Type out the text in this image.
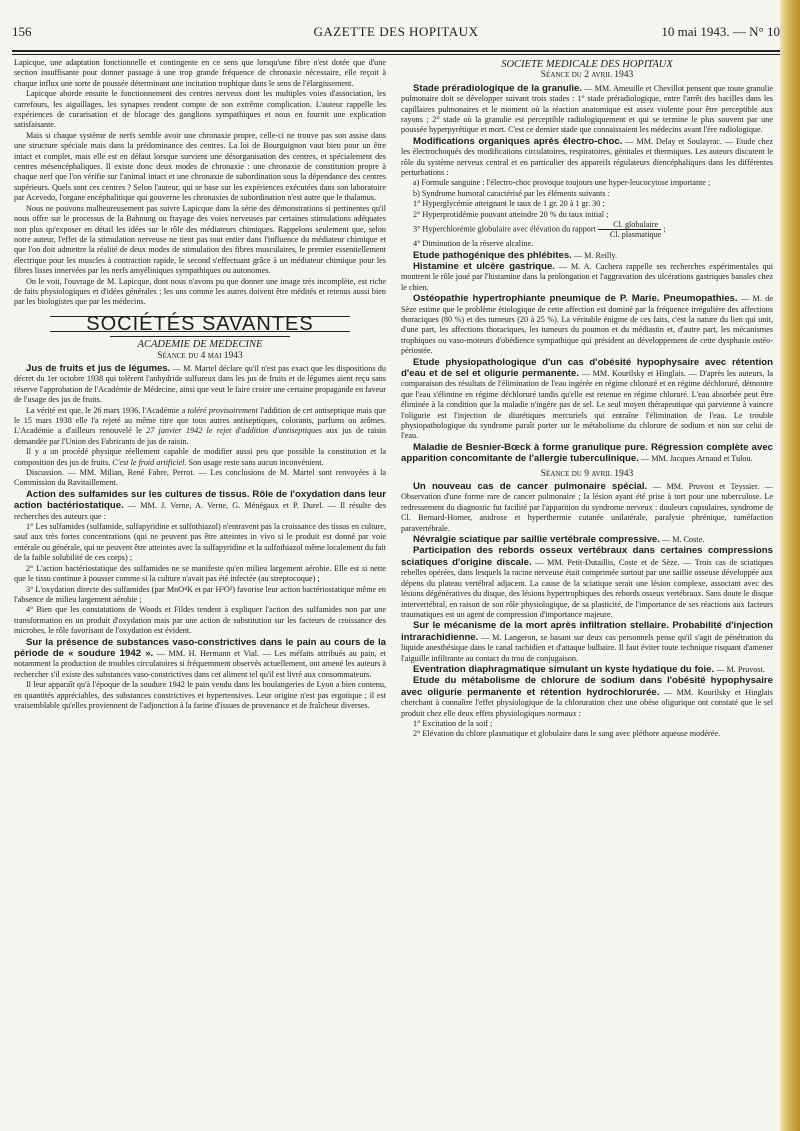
156	GAZETTE DES HOPITAUX	10 mai 1943. — N° 10

Lapicque, une adaptation fonctionnelle et contingente en ce sens que lorsqu'une fibre n'est dotée que d'une section insuffisante pour donner passage à une trop grande fréquence de chronaxie nécessaire, elle reçoit à chaque influx une sorte de poussée déterminant une incitation trophique dans le sens de l'élargissement.

Lapicque aborde ensuite le fonctionnement des centres nerveux dont les multiples voies d'association, les carrefours, les aiguillages, les synapses rendent compte de son extrême complication. L'auteur rappelle les expériences de curarisation et de blocage des ganglions sympathiques et nous en fournit une explication satisfaisante.

Mais si chaque système de nerfs semble avoir une chronaxie propre, celle-ci ne trouve pas son assise dans une structure spéciale mais dans la prédominance des centres. La loi de Bourguignon vaut bien pour un être intact et complet, mais elle est en défaut lorsque survient une désorganisation des centres, et spécialement des centres mésencéphaliques. Il existe donc deux modes de chronaxie : une chronaxie de constitution propre à chaque nerf que l'on vérifie sur l'animal intact et une chronaxie de subordination sous la dépendance des centres supérieurs. Quels sont ces centres ? Selon l'auteur, qui se base sur les expériences exécutées dans son laboratoire par Acevedo, l'organe encéphalitique qui gouverne les chronaxies de subordination n'est autre que le thalamus.

Nous ne pouvons malheureusement pas suivre Lapicque dans la série des démonstrations si pertinentes qu'il nous offre sur le processus de la Bahnung ou frayage des voies nerveuses par certaines stimulations adéquates non plus qu'exposer en détail les idées sur le rôle des médiateurs chimiques. Rappelons seulement que, selon notre auteur, l'effet de la stimulation nerveuse ne tient pas tout entier dans l'influence du médiateur chimique et que l'on doit admettre la réalité de deux modes de stimulation des fibres musculaires, le premier essentiellement électrique pour les muscles à contraction rapide, le second s'effectuant grâce à un médiateur chimique pour les fibres lisses innervées par les nerfs amyéliniques sympathiques ou autonomes.

On le voit, l'ouvrage de M. Lapicque, dont nous n'avons pu que donner une image très incomplète, est riche de faits physiologiques et d'idées générales ; les uns comme les autres doivent être médités et retenus aussi bien par les biologistes que par les médecins.

SOCIÉTÉS SAVANTES
ACADEMIE DE MEDECINE
Séance du 4 mai 1943

Jus de fruits et jus de légumes. — M. Martel déclare qu'il n'est pas exact que les dispositions du décret du 1er octobre 1938 qui tolèrent l'anhydride sulfureux dans les jus de fruits et de légumes aient reçu sans réserve l'approbation de l'Académie de Médecine, ainsi que veut le faire croire une certaine propagande en faveur de l'usage des jus de fruits.

La vérité est que, le 26 mars 1936, l'Académie a toléré provisoirement l'addition de cet antiseptique mais que le 15 mars 1938 elle l'a rejeté au même titre que tous autres antiseptiques, colorants, parfums ou arômes. L'Académie a d'ailleurs renouvelé le 27 janvier 1942 le rejet d'addition d'antiseptiques aux jus de raisin demandée par l'Union des Fabricants de jus de raisin.

Il y a un procédé physique réellement capable de modifier aussi peu que possible la constitution et la composition des jus de fruits. C'est le froid artificiel. Son usage reste sans aucun inconvénient.

Discussion. — MM. Milian, René Fabre, Perrot. — Les conclusions de M. Martel sont renvoyées à la Commission du Ravitaillement.

Action des sulfamides sur les cultures de tissus. Rôle de l'oxydation dans leur action bactériostatique. — MM. J. Verne, A. Verne, G. Ménégaux et P. Durel. — Il résulte des recherches des auteurs que :

1° Les sulfamides (sulfamide, sulfapyridine et sulfothiazol) n'entravent pas la croissance des tissus en culture, sauf aux très fortes concentrations (qui ne peuvent pas être atteintes in vivo si le produit est donné par voie entérale ou générale, qui ne peuvent être atteintes avec la sulfapyridine et la sulfothiazol même localement du fait de la faible solubilité de ces corps) ;

2° L'action bactériostatique des sulfamides ne se manifeste qu'en milieu largement aérobie. Elle est si nette que le tissu continue à pousser comme si la culture n'avait pas été infectée (au streptocoque) ;

3° L'oxydation directe des sulfamides (par MnO⁴K et par H²O²) favorise leur action bactériostatique même en l'absence de milieu largement aérobie ;

4° Bien que les constatations de Woods et Fildes tendent à expliquer l'action des sulfamides non par une transformation en un produit d'oxydation mais par une action de substitution sur les facteurs de croissance des microbes, le rôle favorisant de l'oxydation est évident.

Sur la présence de substances vaso-constrictives dans le pain au cours de la période de « soudure 1942 ». — MM. H. Hermann et Vial. — Les méfaits attribués au pain, et notamment la production de troubles circulatoires si fréquemment observés actuellement, ont amené les auteurs à rechercher s'il existe des substances vaso-constrictives dans cet aliment tel qu'il est livré aux consommateurs.

Il leur apparaît qu'à l'époque de la soudure 1942 le pain vendu dans les boulangeries de Lyon a bien contenu, en quantités appréciables, des substances constrictives et hypertensives. Leur origine n'est pas ergotique ; il est vraisemblable qu'elles proviennent de l'adjonction à la farine d'issues de provenance et de fraîcheur diverses.

SOCIETE MEDICALE DES HOPITAUX
Séance du 2 avril 1943

Stade préradiologique de la granulie. — MM. Ameuille et Chevillot pensent que toute granulie pulmonaire doit se développer suivant trois stades : 1° stade préradiologique, entre l'arrêt des bacilles dans les capillaires pulmonaires et le moment où la réaction anatomique est assez violente pour être perceptible aux rayons ; 2° stade où la granulie est perceptible radiologiquement et qui se termine le plus souvent par une poussée hyperpyrétique et mort. C'est ce dernier stade que connaissaient les médecins avant l'ère radiologique.

Modifications organiques après électro-choc. — MM. Delay et Soulayrac. — Etude chez les électrochoqués des modifications circulatoires, respiratoires, génitales et thermiques. Les auteurs discutent le rôle du système nerveux central et en particulier des appareils régulateurs diencéphaliques dans les différentes perturbations :

a) Formule sanguine : l'électro-choc provoque toujours une hyper-leucocytose importante ;

b) Syndrome humoral caractérisé par les éléments suivants :

1° Hyperglycémie atteignant le taux de 1 gr. 20 à 1 gr. 30 ;

2° Hyperprotidémie pouvant atteindre 20 % du taux initial ;

3° Hyperchlorémie globulaire avec élévation du rapport $\frac{\text{Cl. globulaire}}{\text{Cl. plasmatique}}$ ;

4° Diminution de la réserve alcaline.

Etude pathogénique des phlébites. — M. Reilly.

Histamine et ulcère gastrique. — M. A. Cachera rappelle ses recherches expérimentales qui montrent le rôle joué par l'histamine dans la prolongation et l'aggravation des ulcérations gastriques banales chez le chien.

Ostéopathie hypertrophiante pneumique de P. Marie. Pneumopathies. — M. de Sèze estime que le problème étiologique de cette affection est dominé par la fréquence irrégulière des affections thoraciques (80 %) et des tumeurs (20 à 25 %). La véritable énigme de ces faits, c'est la nature du lien qui unit, d'une part, les affections thoraciques, les tumeurs du poumon et du médiastin et, d'autre part, les mécanismes trophiques ou vaso-moteurs d'obédience sympathique qui président au développement de cette dysphasie ostéo-périostée.

Etude physiopathologique d'un cas d'obésité hypophysaire avec rétention d'eau et de sel et oligurie permanente. — MM. Kourilsky et Hinglais. — D'après les auteurs, la comparaison des résultats de l'élimination de l'eau ingérée en régime chloruré et en régime déchloruré, démontre que l'eau s'élimine en régime déchloruré tandis qu'elle est retenue en régime chloruré. L'eau absorbée peut être éliminée à la condition que la maladie n'ingère pas de sel. Le seul moyen thérapeutique qui parvienne à vaincre l'oligurie est l'injection de diurétiques mercuriels qui entraîne l'élimination de l'eau. Le trouble physiopathologique du syndrome paraît porter sur le métabolisme du chlorure de sodium et non sur celui de l'eau.

Maladie de Besnier-Bœck à forme granulique pure. Régression complète avec apparition concomitante de l'allergie tuberculinique. — MM. Jacques Arnaud et Tulou.

Séance du 9 avril 1943

Un nouveau cas de cancer pulmonaire spécial. — MM. Pruvost et Teyssier. — Observation d'une forme rare de cancer pulmonaire ; la lésion ayant été prise à tort pour une tuberculose. Le redressement du diagnostic fut facilité par l'apparition du syndrome nerveux : douleurs capsulaires, syndrome de Cl. Bernard-Horner, anidrose et hyperthermie cutanée unilatérale, paralysie phrénique, tuméfaction paravertébrale.

Névralgie sciatique par saillie vertébrale compressive. — M. Coste.

Participation des rebords osseux vertébraux dans certaines compressions sciatiques d'origine discale. — MM. Petit-Dutaillis, Coste et de Sèze. — Trois cas de sciatiques rebelles opérées, dans lesquels la racine nerveuse était comprimée surtout par une saillie osseuse développée aux dépens du plateau vertébral adjacent. La cause de la sciatique serait une lésion complexe, associant avec des lésions dégénératives du disque, des lésions hypertrophiques des rebords osseux vertébraux. Sans doute le disque intervertébral, en raison de son rôle physiologique, de sa plasticité, de l'importance de ses réactions aux facteurs traumatiques est un agent de compression d'importance majeure.

Sur le mécanisme de la mort après infiltration stellaire. Probabilité d'injection intrarachidienne. — M. Langeron, se basant sur deux cas personnels pense qu'il s'agit de pénétration du liquide anesthésique dans le canal rachidien et d'attaque bulbaire. Il faut éviter toute technique risquant d'amener l'aiguille infiltrante au contact du trou de conjugaison.

Eventration diaphragmatique simulant un kyste hydatique du foie. — M. Pruvost.

Etude du métabolisme de chlorure de sodium dans l'obésité hypophysaire avec oligurie permanente et rétention hydrochlorurée. — MM. Kourilsky et Hinglais cherchant à connaître l'effet physiologique de la chloruration chez une obèse oligurique ont constaté que le sel produit chez elle deux effets physiologiques normaux :

1° Excitation de la soif ;

2° Elévation du chlore plasmatique et globulaire dans le sang avec pléthore aqueuse modérée.
